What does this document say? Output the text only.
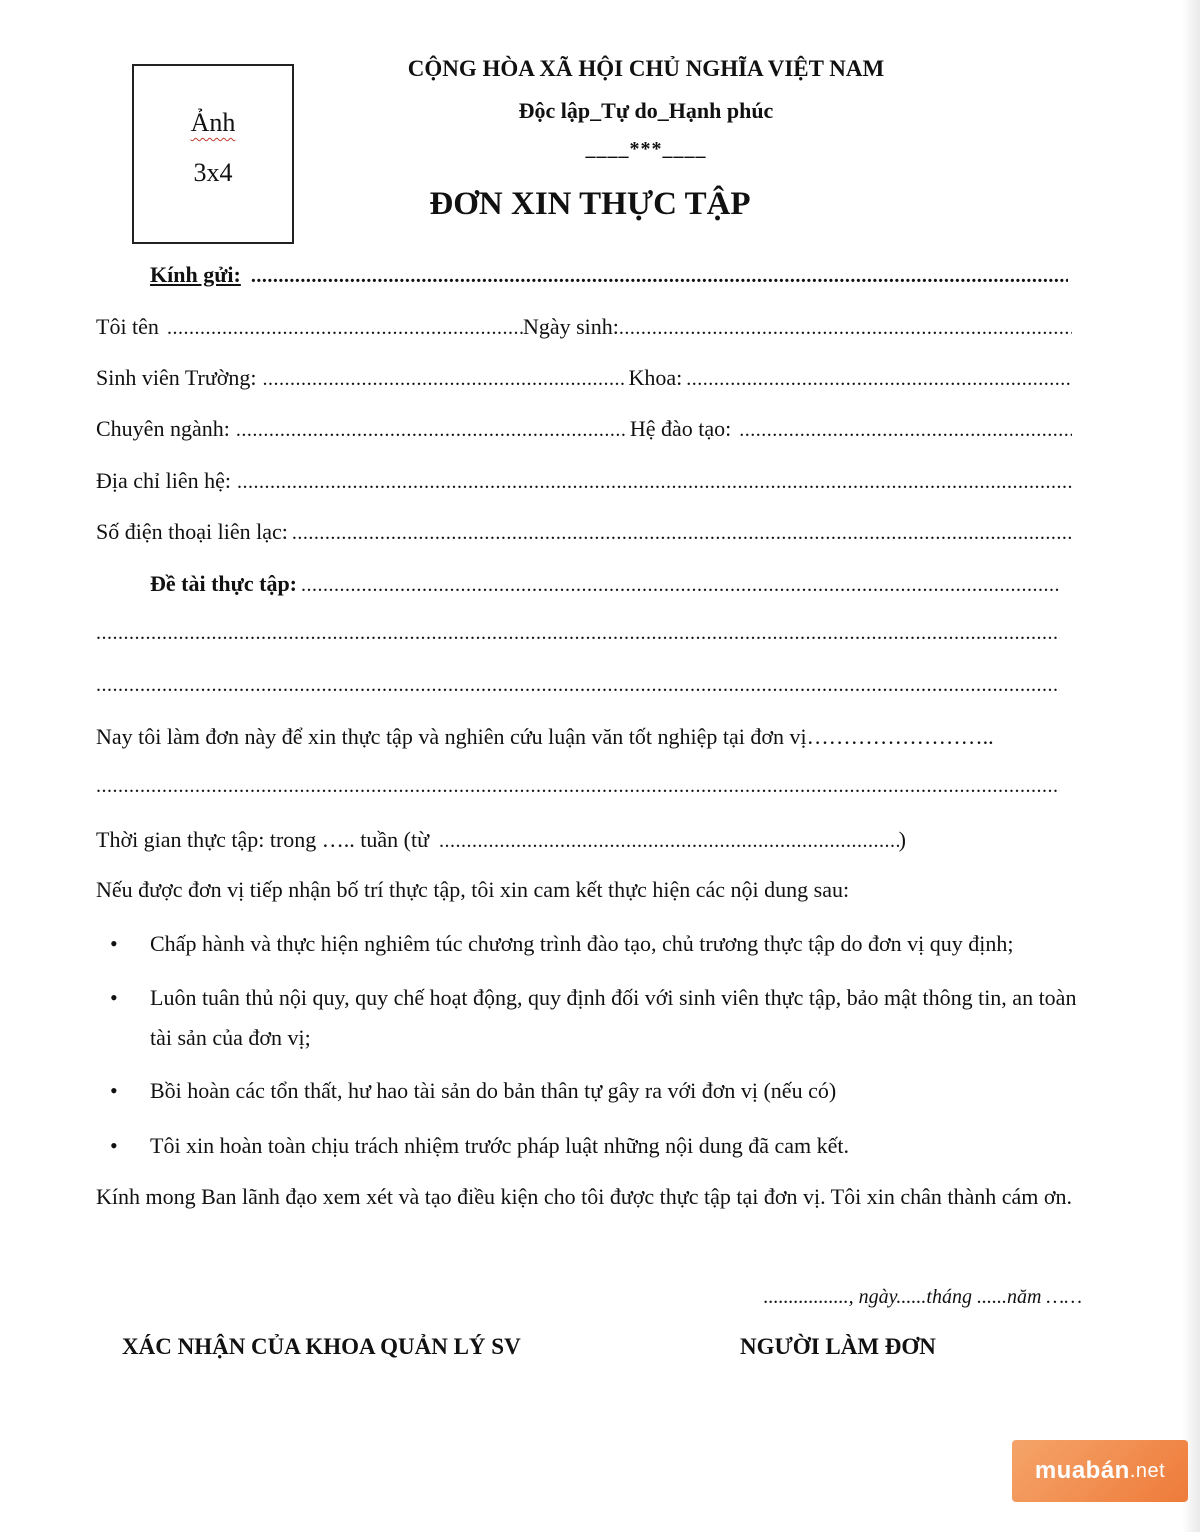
Ảnh
3x4
CỘNG HÒA XÃ HỘI CHỦ NGHĨA VIỆT NAM
Độc lập_Tự do_Hạnh phúc
____***____
ĐƠN XIN THỰC TẬP
Kính gửi:
.....
Tôi tên .....	Ngày sinh:
.....
Sinh viên Trường: .....	Khoa:
.....
Chuyên ngành: .....	Hệ đào tạo:
.....
Địa chỉ liên hệ:
.....
Số điện thoại liên lạc:
.....
Đề tài thực tập:
.....
.....
.....
Nay tôi làm đơn này để xin thực tập và nghiên cứu luận văn tốt nghiệp tại đơn vị……………………..
.....
Thời gian thực tập: trong ….. tuần (từ .....	)
Nếu được đơn vị tiếp nhận bố trí thực tập, tôi xin cam kết thực hiện các nội dung sau:
• Chấp hành và thực hiện nghiêm túc chương trình đào tạo, chủ trương thực tập do đơn vị quy định;
• Luôn tuân thủ nội quy, quy chế hoạt động, quy định đối với sinh viên thực tập, bảo mật thông tin, an toàn tài sản của đơn vị;
• Bồi hoàn các tổn thất, hư hao tài sản do bản thân tự gây ra với đơn vị (nếu có)
• Tôi xin hoàn toàn chịu trách nhiệm trước pháp luật những nội dung đã cam kết.
Kính mong Ban lãnh đạo xem xét và tạo điều kiện cho tôi được thực tập tại đơn vị. Tôi xin chân thành cám ơn.
................., ngày......tháng ......năm ……
XÁC NHẬN CỦA KHOA QUẢN LÝ SV	NGƯỜI LÀM ĐƠN
muabán .net
